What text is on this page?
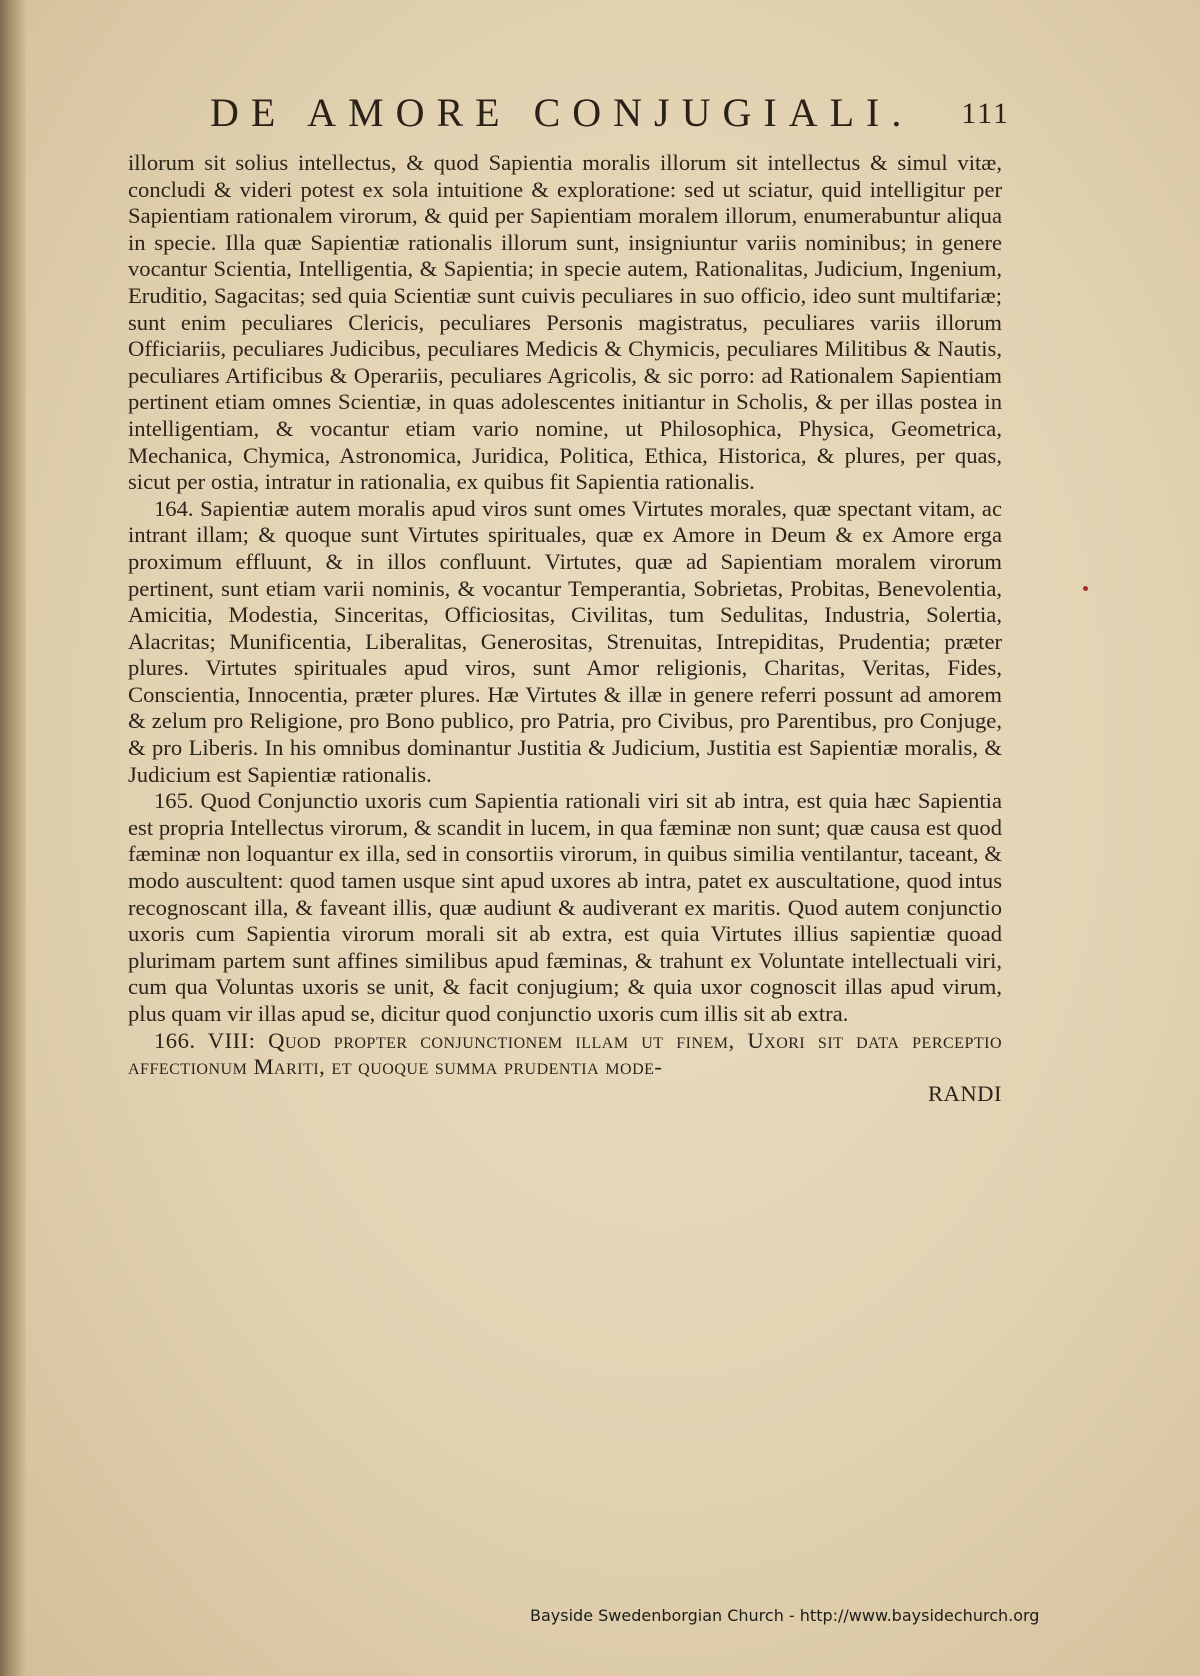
DE AMORE CONJUGIALI. 111

illorum sit solius intellectus, & quod Sapientia moralis illorum sit intellectus & simul vitæ, concludi & videri potest ex sola intuitione & exploratione: sed ut sciatur, quid intelligitur per Sapientiam rationalem virorum, & quid per Sapientiam moralem illorum, enumerabuntur aliqua in specie. Illa quæ Sapientiæ rationalis illorum sunt, insigniuntur variis nominibus; in genere vocantur Scientia, Intelligentia, & Sapientia; in specie autem, Rationalitas, Judicium, Ingenium, Eruditio, Sagacitas; sed quia Scientiæ sunt cuivis peculiares in suo officio, ideo sunt multifariæ; sunt enim peculiares Clericis, peculiares Personis magistratus, peculiares variis illorum Officiariis, peculiares Judicibus, peculiares Medicis & Chymicis, peculiares Militibus & Nautis, peculiares Artificibus & Operariis, peculiares Agricolis, & sic porro: ad Rationalem Sapientiam pertinent etiam omnes Scientiæ, in quas adolescentes initiantur in Scholis, & per illas postea in intelligentiam, & vocantur etiam vario nomine, ut Philosophica, Physica, Geometrica, Mechanica, Chymica, Astronomica, Juridica, Politica, Ethica, Historica, & plures, per quas, sicut per ostia, intratur in rationalia, ex quibus fit Sapientia rationalis.

164. Sapientiæ autem moralis apud viros sunt omes Virtutes morales, quæ spectant vitam, ac intrant illam; & quoque sunt Virtutes spirituales, quæ ex Amore in Deum & ex Amore erga proximum effluunt, & in illos confluunt. Virtutes, quæ ad Sapientiam moralem virorum pertinent, sunt etiam varii nominis, & vocantur Temperantia, Sobrietas, Probitas, Benevolentia, Amicitia, Modestia, Sinceritas, Officiositas, Civilitas, tum Sedulitas, Industria, Solertia, Alacritas; Munificentia, Liberalitas, Generositas, Strenuitas, Intrepiditas, Prudentia; præter plures. Virtutes spirituales apud viros, sunt Amor religionis, Charitas, Veritas, Fides, Conscientia, Innocentia, præter plures. Hæ Virtutes & illæ in genere referri possunt ad amorem & zelum pro Religione, pro Bono publico, pro Patria, pro Civibus, pro Parentibus, pro Conjuge, & pro Liberis. In his omnibus dominantur Justitia & Judicium, Justitia est Sapientiæ moralis, & Judicium est Sapientiæ rationalis.

165. Quod Conjunctio uxoris cum Sapientia rationali viri sit ab intra, est quia hæc Sapientia est propria Intellectus virorum, & scandit in lucem, in qua fæminæ non sunt; quæ causa est quod fæminæ non loquantur ex illa, sed in consortiis virorum, in quibus similia ventilantur, taceant, & modo auscultent: quod tamen usque sint apud uxores ab intra, patet ex auscultatione, quod intus recognoscant illa, & faveant illis, quæ audiunt & audiverant ex maritis. Quod autem conjunctio uxoris cum Sapientia virorum morali sit ab extra, est quia Virtutes illius sapientiæ quoad plurimam partem sunt affines similibus apud fæminas, & trahunt ex Voluntate intellectuali viri, cum qua Voluntas uxoris se unit, & facit conjugium; & quia uxor cognoscit illas apud virum, plus quam vir illas apud se, dicitur quod conjunctio uxoris cum illis sit ab extra.

166. VIII: Quod propter conjunctionem illam ut finem, Uxori sit data perceptio affectionum Mariti, et quoque summa prudentia mode-

RANDI

Bayside Swedenborgian Church - http://www.baysidechurch.org
